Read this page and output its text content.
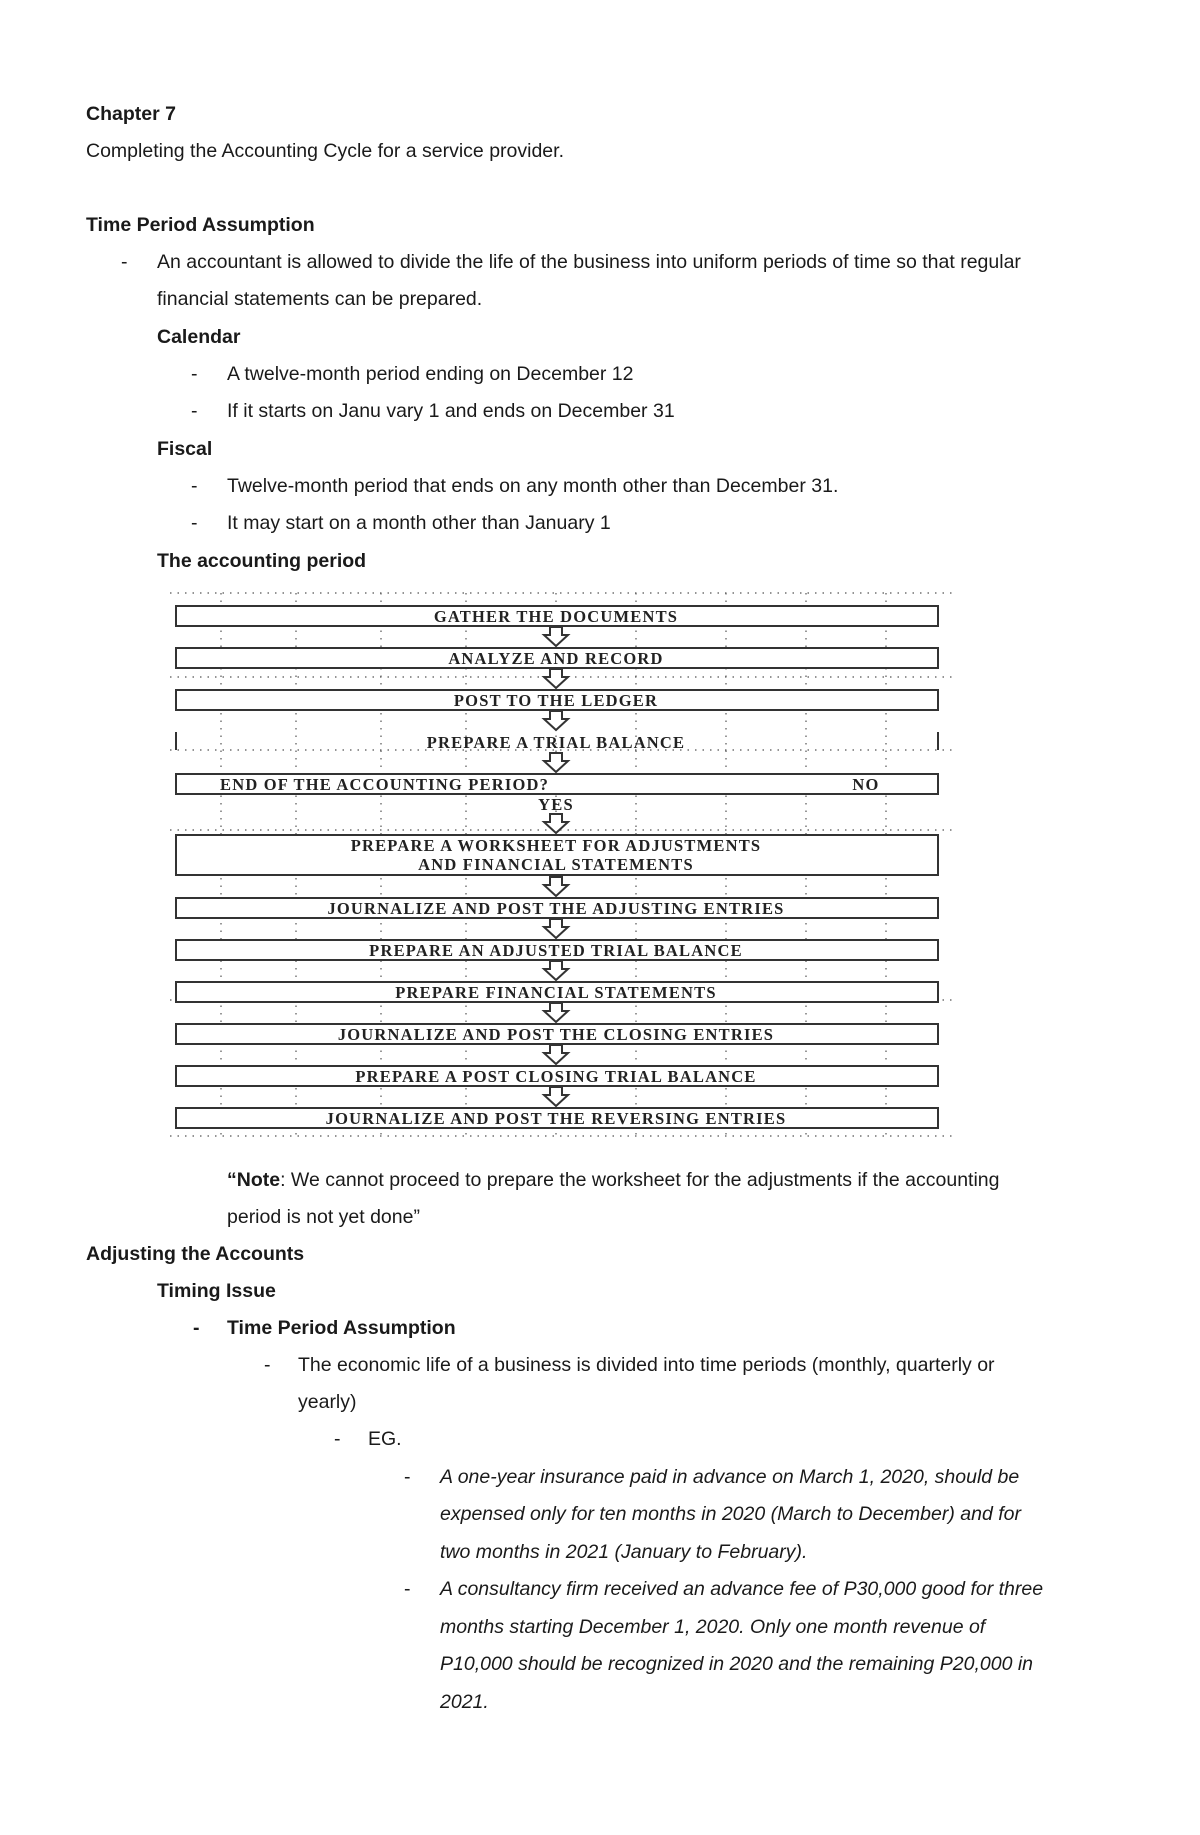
Chapter 7
Completing the Accounting Cycle for a service provider.
Time Period Assumption
- An accountant is allowed to divide the life of the business into uniform periods of time so that regular
financial statements can be prepared.
Calendar
- A twelve-month period ending on December 12
- If it starts on Janu vary 1 and ends on December 31
Fiscal
- Twelve-month period that ends on any month other than December 31.
- It may start on a month other than January 1
The accounting period
GATHER THE DOCUMENTS
ANALYZE AND RECORD
POST TO THE LEDGER
PREPARE A TRIAL BALANCE
END OF THE ACCOUNTING PERIOD?	NO
YES
PREPARE A WORKSHEET FOR ADJUSTMENTS
AND FINANCIAL STATEMENTS
JOURNALIZE AND POST THE ADJUSTING ENTRIES
PREPARE AN ADJUSTED TRIAL BALANCE
PREPARE FINANCIAL STATEMENTS
JOURNALIZE AND POST THE CLOSING ENTRIES
PREPARE A POST CLOSING TRIAL BALANCE
JOURNALIZE AND POST THE REVERSING ENTRIES
“Note: We cannot proceed to prepare the worksheet for the adjustments if the accounting
period is not yet done”
Adjusting the Accounts
Timing Issue
- Time Period Assumption
- The economic life of a business is divided into time periods (monthly, quarterly or
yearly)
- EG.
- A one-year insurance paid in advance on March 1, 2020, should be
expensed only for ten months in 2020 (March to December) and for
two months in 2021 (January to February).
- A consultancy firm received an advance fee of P30,000 good for three
months starting December 1, 2020. Only one month revenue of
P10,000 should be recognized in 2020 and the remaining P20,000 in
2021.
